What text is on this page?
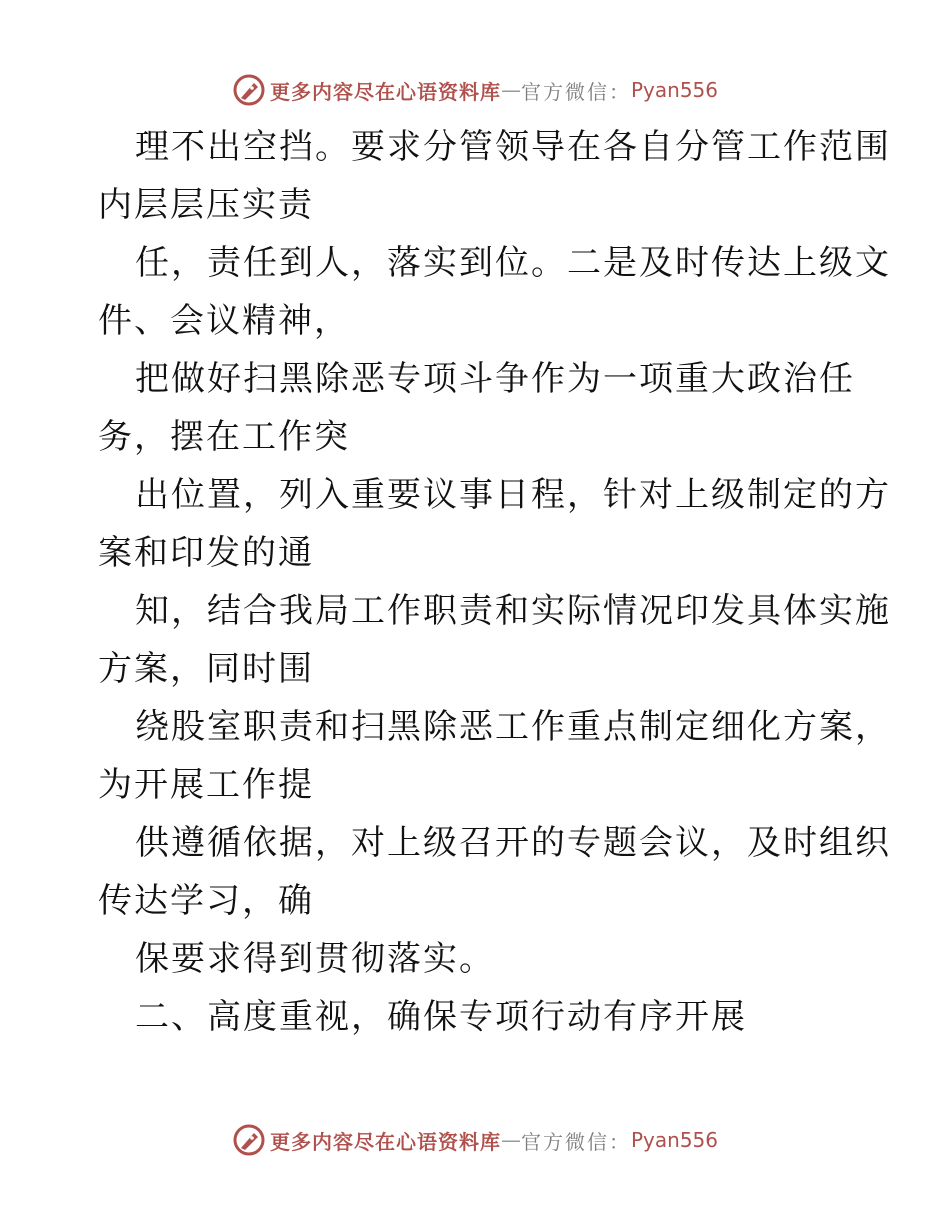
更多内容尽在心语资料库 — 官方微信： Pyan556
理不出空挡。要求分管领导在各自分管工作范围
内层层压实责
任，责任到人，落实到位。二是及时传达上级文
件、会议精神，
把做好扫黑除恶专项斗争作为一项重大政治任
务，摆在工作突
出位置，列入重要议事日程，针对上级制定的方
案和印发的通
知，结合我局工作职责和实际情况印发具体实施
方案，同时围
绕股室职责和扫黑除恶工作重点制定细化方案，
为开展工作提
供遵循依据，对上级召开的专题会议，及时组织
传达学习，确
保要求得到贯彻落实。
二、高度重视，确保专项行动有序开展
更多内容尽在心语资料库 — 官方微信： Pyan556
